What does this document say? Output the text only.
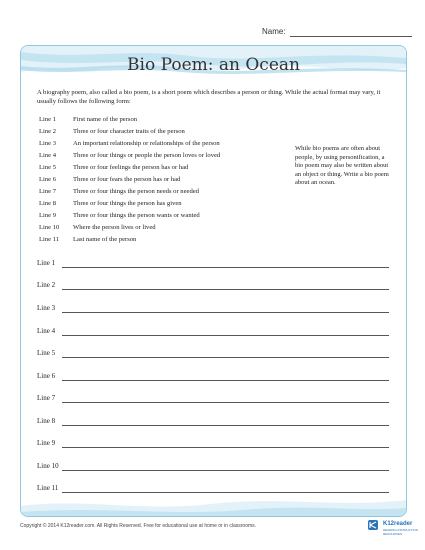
Name:
Bio Poem: an Ocean
A biography poem, also called a bio poem, is a short poem which describes a person or thing. While the actual format may vary, it usually follows the following form:
Line 1	First name of the person
Line 2	Three or four character traits of the person
Line 3	An important relationship or relationships of the person
Line 4	Three or four things or people the person loves or loved
Line 5	Three or four feelings the person has or had
Line 6	Three or four fears the person has or had
Line 7	Three or four things the person needs or needed
Line 8	Three or four things the person has given
Line 9	Three or four things the person wants or wanted
Line 10 Where the person lives or lived
Line 11 Last name of the person
While bio poems are often about people, by using personification, a bio poem may also be written about an object or thing. Write a bio poem about an ocean.
Line 1
Line 2
Line 3
Line 4
Line 5
Line 6
Line 7
Line 8
Line 9
Line 10
Line 11
Copyright © 2014 K12reader.com. All Rights Reserved. Free for educational use at home or in classrooms.	K12reader
READING INSTRUCTION RESOURCES
